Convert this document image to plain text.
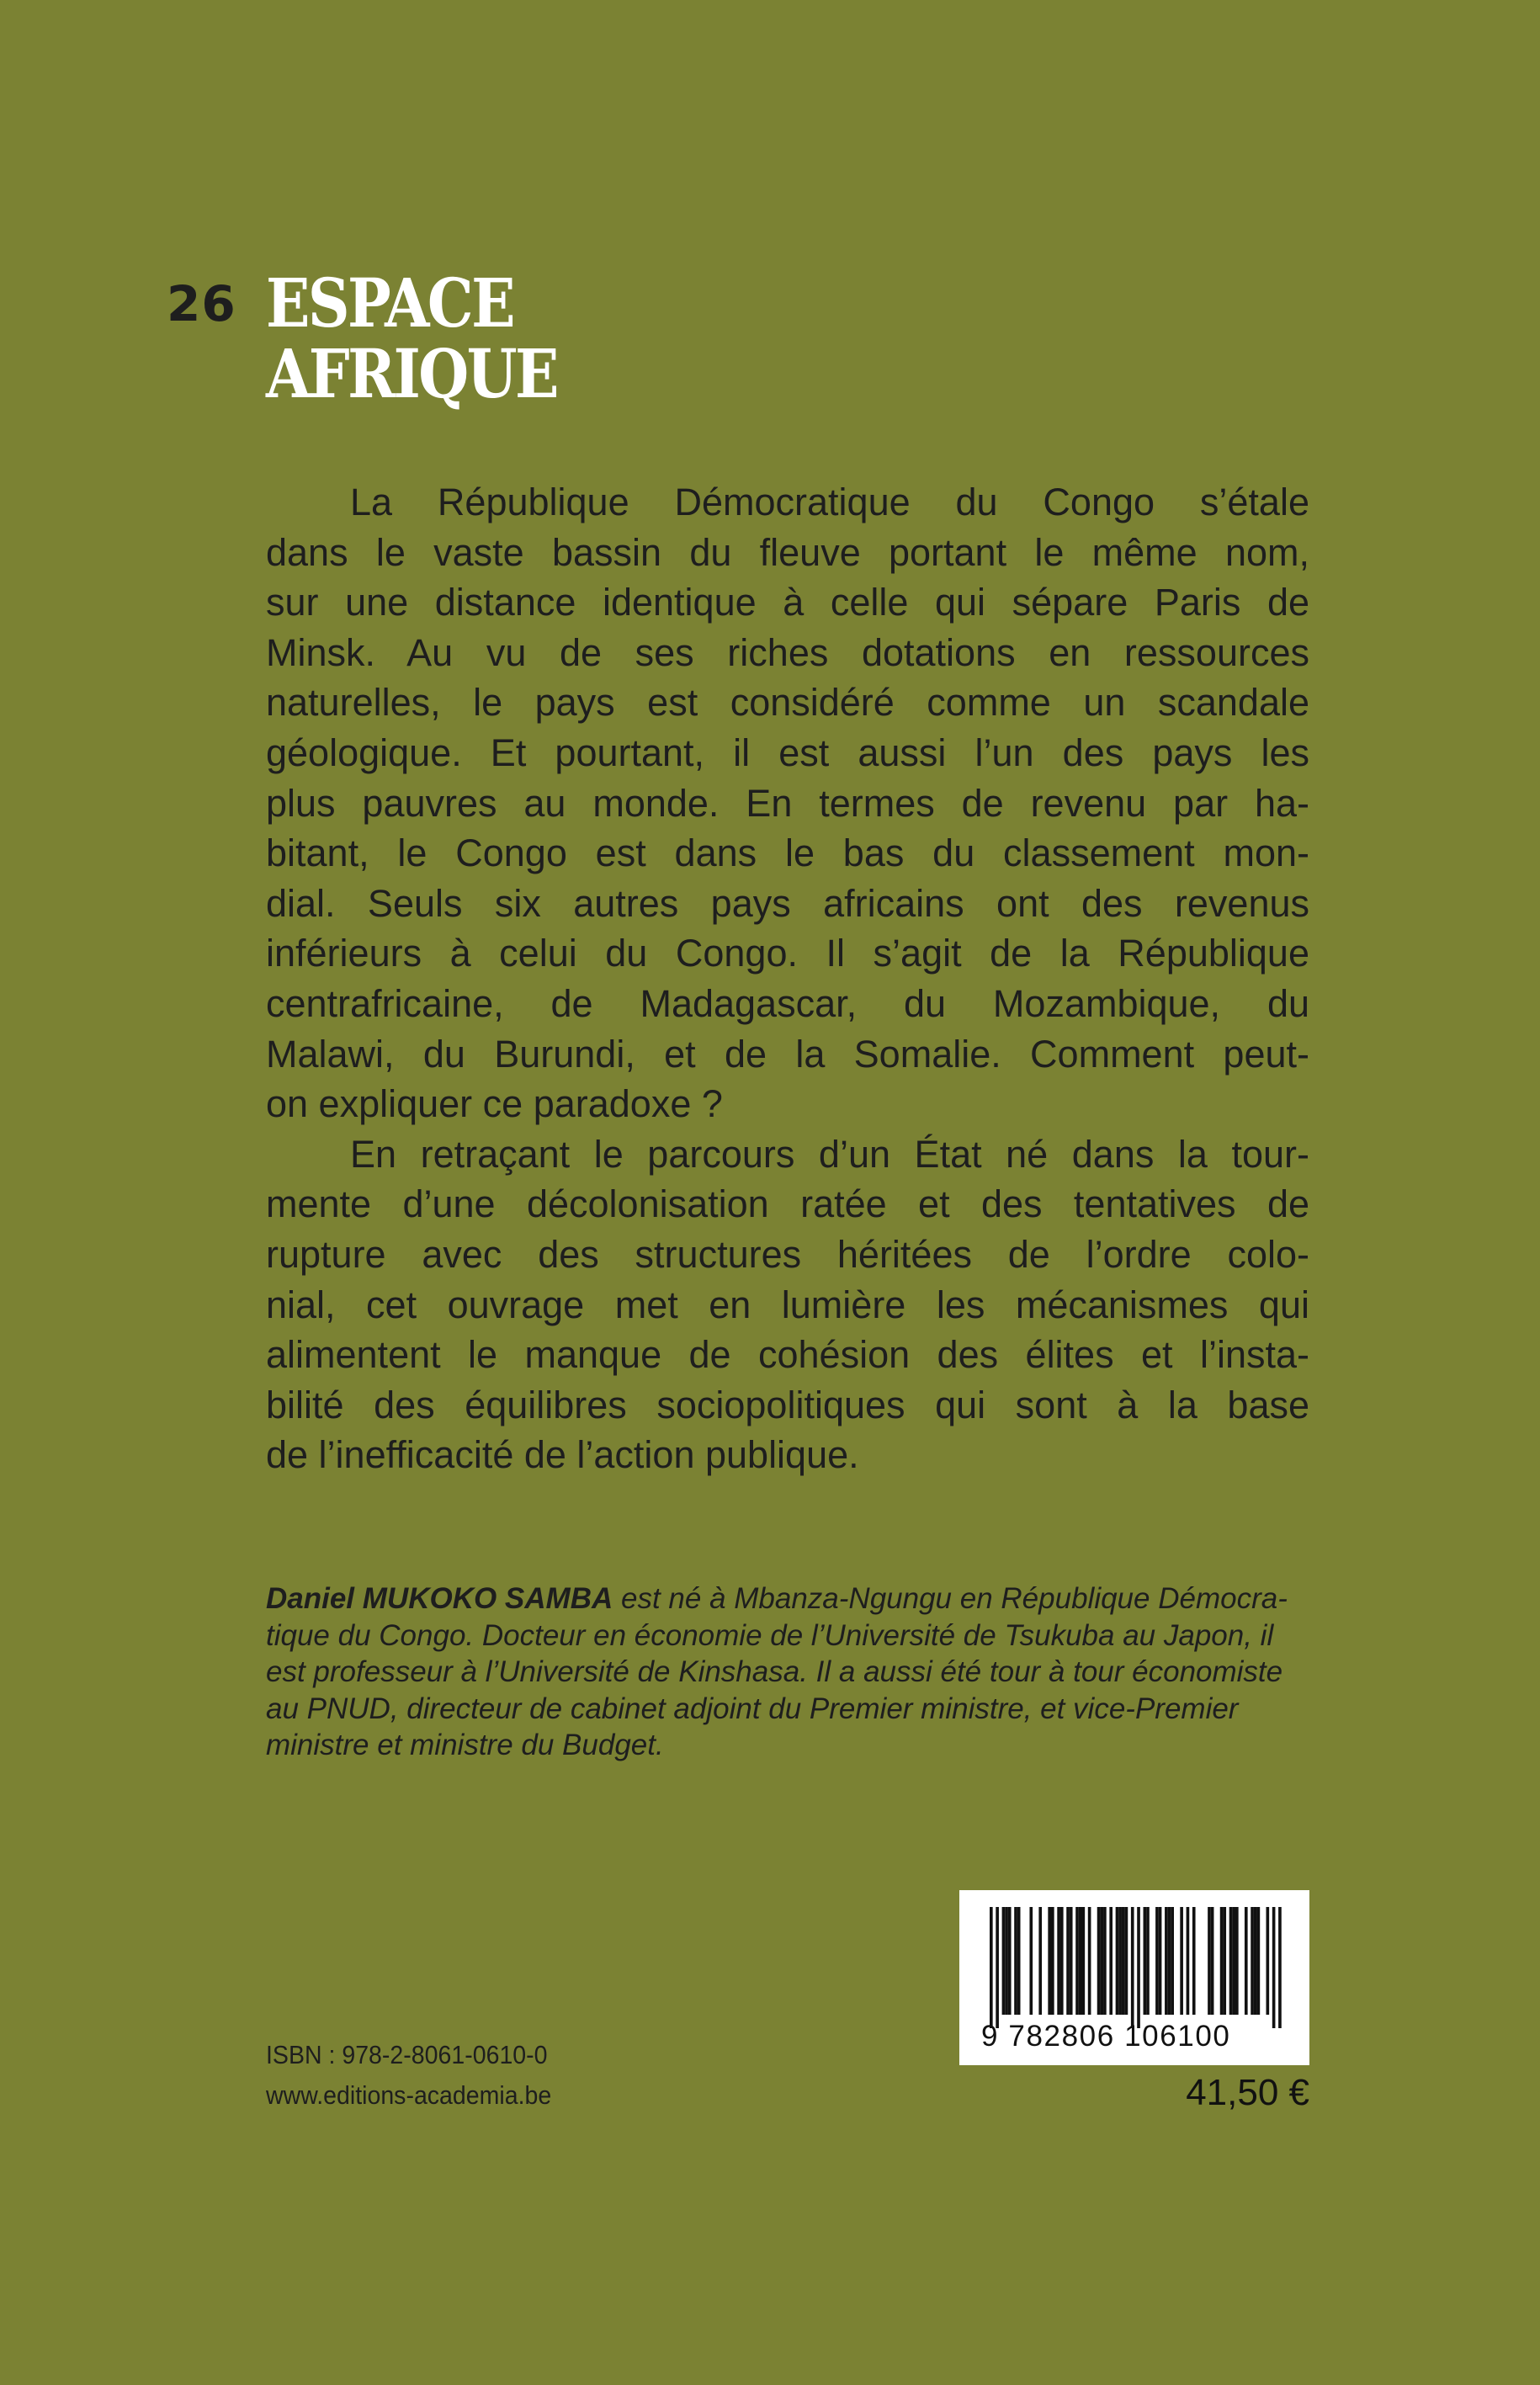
26 ESPACE
AFRIQUE

La République Démocratique du Congo s’étale
dans le vaste bassin du fleuve portant le même nom,
sur une distance identique à celle qui sépare Paris de
Minsk. Au vu de ses riches dotations en ressources
naturelles, le pays est considéré comme un scandale
géologique. Et pourtant, il est aussi l’un des pays les
plus pauvres au monde. En termes de revenu par ha-
bitant, le Congo est dans le bas du classement mon-
dial. Seuls six autres pays africains ont des revenus
inférieurs à celui du Congo. Il s’agit de la République
centrafricaine, de Madagascar, du Mozambique, du
Malawi, du Burundi, et de la Somalie. Comment peut-
on expliquer ce paradoxe ?

En retraçant le parcours d’un État né dans la tour-
mente d’une décolonisation ratée et des tentatives de
rupture avec des structures héritées de l’ordre colo-
nial, cet ouvrage met en lumière les mécanismes qui
alimentent le manque de cohésion des élites et l’insta-
bilité des équilibres sociopolitiques qui sont à la base
de l’inefficacité de l’action publique.

Daniel MUKOKO SAMBA est né à Mbanza-Ngungu en République Démocra-
tique du Congo. Docteur en économie de l’Université de Tsukuba au Japon, il
est professeur à l’Université de Kinshasa. Il a aussi été tour à tour économiste
au PNUD, directeur de cabinet adjoint du Premier ministre, et vice-Premier
ministre et ministre du Budget.
ISBN : 978-2-8061-0610-0
www.editions-academia.be
9 782806 106100
41,50 €
